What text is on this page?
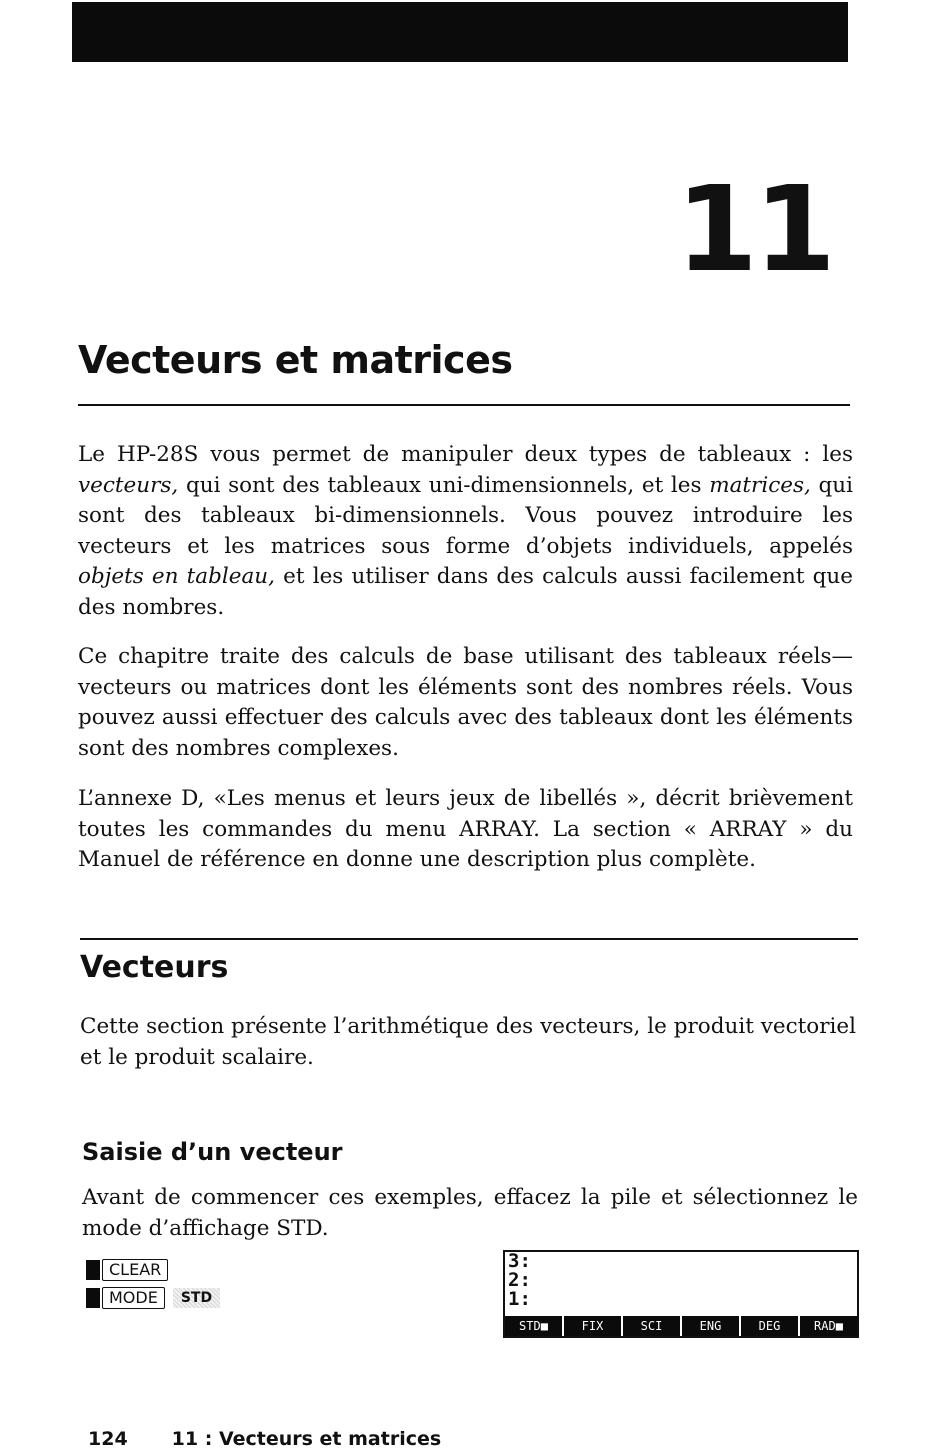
11
Vecteurs et matrices

Le HP-28S vous permet de manipuler deux types de tableaux : les vecteurs, qui sont des tableaux uni-dimensionnels, et les matrices, qui sont des tableaux bi-dimensionnels. Vous pouvez introduire les vecteurs et les matrices sous forme d’objets individuels, appelés objets en tableau, et les utiliser dans des calculs aussi facilement que des nombres.

Ce chapitre traite des calculs de base utilisant des tableaux réels—vecteurs ou matrices dont les éléments sont des nombres réels. Vous pouvez aussi effectuer des calculs avec des tableaux dont les éléments sont des nombres complexes.

L’annexe D, «Les menus et leurs jeux de libellés », décrit brièvement toutes les commandes du menu ARRAY. La section « ARRAY » du Manuel de référence en donne une description plus complète.

Vecteurs

Cette section présente l’arithmétique des vecteurs, le produit vectoriel et le produit scalaire.

Saisie d’un vecteur

Avant de commencer ces exemples, effacez la pile et sélectionnez le mode d’affichage STD.

CLEAR
MODE	STD
3:
2:
1:
STD■	FIX	SCI	ENG	DEG	RAD■
124 11 : Vecteurs et matrices
